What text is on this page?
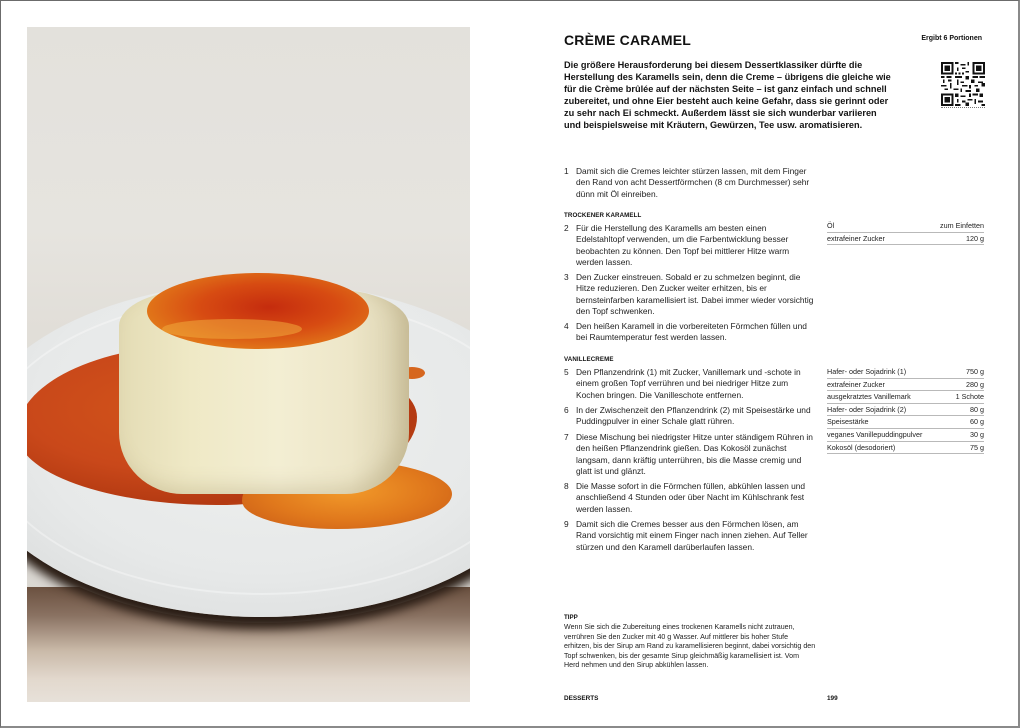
CRÈME CARAMEL	Ergibt 6 Portionen
Die größere Herausforderung bei diesem Dessertklassiker dürfte die Herstellung des Karamells sein, denn die Creme – übrigens die gleiche wie für die Crème brûlée auf der nächsten Seite – ist ganz einfach und schnell zubereitet, und ohne Eier besteht auch keine Gefahr, dass sie gerinnt oder zu sehr nach Ei schmeckt. Außerdem lässt sie sich wunderbar variieren und beispielsweise mit Kräutern, Gewürzen, Tee usw. aromatisieren.
1 Damit sich die Cremes leichter stürzen lassen, mit dem Finger den Rand von acht Dessertförmchen (8 cm Durchmesser) sehr dünn mit Öl einreiben.
TROCKENER KARAMELL
2 Für die Herstellung des Karamells am besten einen Edelstahltopf verwenden, um die Farbentwicklung besser beobachten zu können. Den Topf bei mittlerer Hitze warm werden lassen.
3 Den Zucker einstreuen. Sobald er zu schmelzen beginnt, die Hitze reduzieren. Den Zucker weiter erhitzen, bis er bernsteinfarben karamellisiert ist. Dabei immer wieder vorsichtig den Topf schwenken.
4 Den heißen Karamell in die vorbereiteten Förmchen füllen und bei Raumtemperatur fest werden lassen.
VANILLECREME
5 Den Pflanzendrink (1) mit Zucker, Vanillemark und -schote in einem großen Topf verrühren und bei niedriger Hitze zum Kochen bringen. Die Vanilleschote entfernen.
6 In der Zwischenzeit den Pflanzendrink (2) mit Speisestärke und Puddingpulver in einer Schale glatt rühren.
7 Diese Mischung bei niedrigster Hitze unter ständigem Rühren in den heißen Pflanzendrink gießen. Das Kokosöl zunächst langsam, dann kräftig unterrühren, bis die Masse cremig und glatt ist und glänzt.
8 Die Masse sofort in die Förmchen füllen, abkühlen lassen und anschließend 4 Stunden oder über Nacht im Kühlschrank fest werden lassen.
9 Damit sich die Cremes besser aus den Förmchen lösen, am Rand vorsichtig mit einem Finger nach innen ziehen. Auf Teller stürzen und den Karamell darüberlaufen lassen.
Öl	zum Einfetten
extrafeiner Zucker	120 g
Hafer- oder Sojadrink (1)	750 g
extrafeiner Zucker	280 g
ausgekratztes Vanillemark	1 Schote
Hafer- oder Sojadrink (2)	80 g
Speisestärke	60 g
veganes Vanillepuddingpulver	30 g
Kokosöl (desodoriert)	75 g
TIPP
Wenn Sie sich die Zubereitung eines trockenen Karamells nicht zutrauen, verrühren Sie den Zucker mit 40 g Wasser. Auf mittlerer bis hoher Stufe erhitzen, bis der Sirup am Rand zu karamellisieren beginnt, dabei vorsichtig den Topf schwenken, bis der gesamte Sirup gleichmäßig karamellisiert ist. Vom Herd nehmen und den Sirup abkühlen lassen.
DESSERTS	199
